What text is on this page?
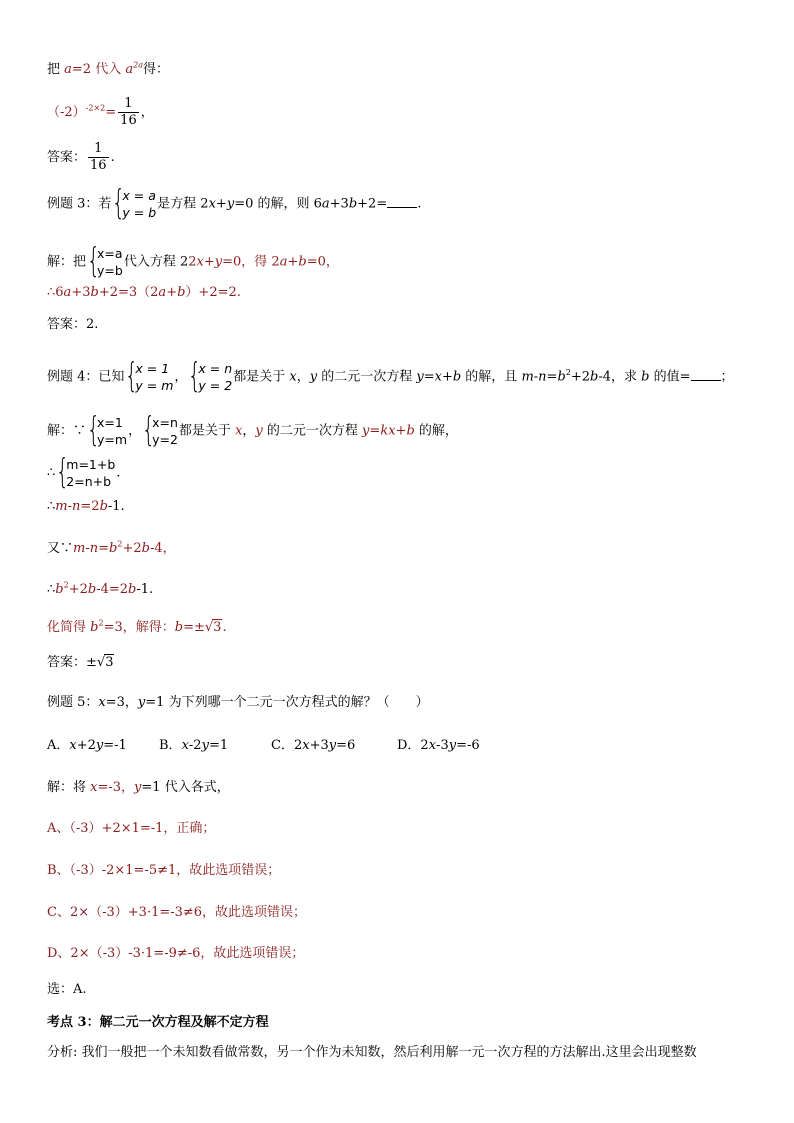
把 a=2 代入 $a^{2a}$得：
$(-2)^{-2\times 2}= \frac{1}{16}$ ，
答案： $\frac{1}{16}$ .
例题 3：若 {
x = a
y = b
是方程 2x+y=0 的解，则 6a+3b+2= .
解：把 {
x=a
y=b
代入方程 22x+y=0，得 2a+b=0，
∴6a+3b+2=3（2a+b）+2=2.
答案：2.
例题 4：已知 {
x = 1
y = m
， {
x = n
y = 2
都是关于 x，y 的二元一次方程 y=x+b 的解，且 $m-n=b^2+2b-4$，求 b 的值= ；
解：∵ {
x=1
y=m
， {
x=n
y=2
都是关于 x，y 的二元一次方程 y=kx+b 的解，
∴ {
m=1+b
2=n+b
.
∴m-n=2b-1.
又$\because m-n=b^2+2b-4$，
$\therefore b^2+2b-4=2b-1$.
化简得 $b^2=3$，解得：b=±√3.
答案：±√3
例题 5：x=3，y=1 为下列哪一个二元一次方程式的解？（　　）
A．x+2y=-1 B．x-2y=1	C．2x+3y=6	D．2x-3y=-6
解：将 x=-3，y=1 代入各式，
A、（-3）+2×1=-1，正确；
B、（-3）-2×1=-5≠1，故此选项错误；
C、2×（-3）+3·1=-3≠6，故此选项错误；
D、2×（-3）-3·1=-9≠-6，故此选项错误；
选：A.
考点 3：解二元一次方程及解不定方程
分析: 我们一般把一个未知数看做常数，另一个作为未知数，然后利用解一元一次方程的方法解出.这里会出现整数
